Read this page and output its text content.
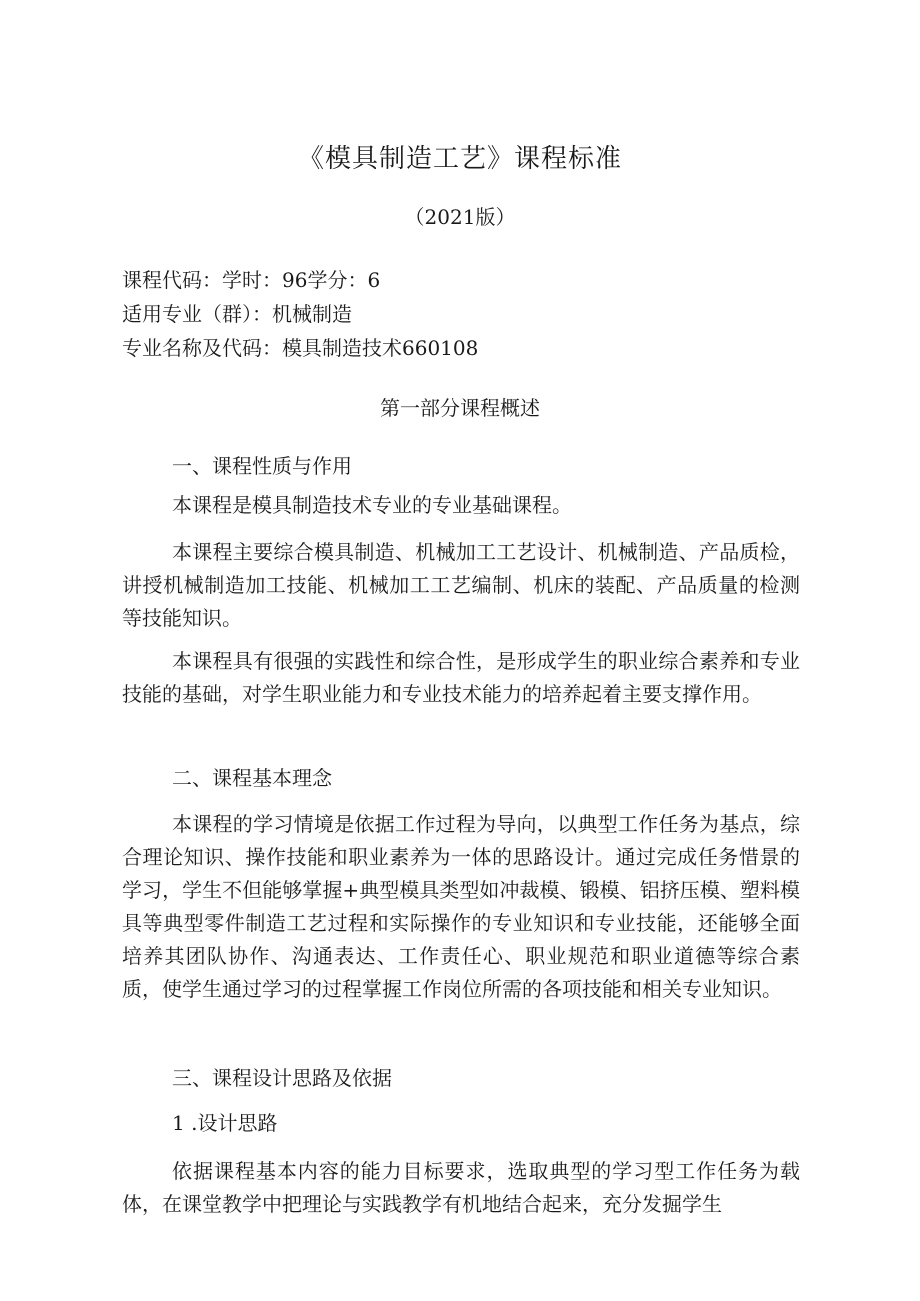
《模具制造工艺》课程标准
（2021版）
课程代码：学时：96学分：6
适用专业（群）：机械制造
专业名称及代码：模具制造技术660108
第一部分课程概述
一、课程性质与作用

本课程是模具制造技术专业的专业基础课程。

本课程主要综合模具制造、机械加工工艺设计、机械制造、产品质检，讲授机械制造加工技能、机械加工工艺编制、机床的装配、产品质量的检测等技能知识。

本课程具有很强的实践性和综合性，是形成学生的职业综合素养和专业技能的基础，对学生职业能力和专业技术能力的培养起着主要支撑作用。

二、课程基本理念

本课程的学习情境是依据工作过程为导向，以典型工作任务为基点，综合理论知识、操作技能和职业素养为一体的思路设计。通过完成任务惜景的学习，学生不但能够掌握+典型模具类型如冲裁模、锻模、铝挤压模、塑料模具等典型零件制造工艺过程和实际操作的专业知识和专业技能，还能够全面培养其团队协作、沟通表达、工作责任心、职业规范和职业道德等综合素质，使学生通过学习的过程掌握工作岗位所需的各项技能和相关专业知识。

三、课程设计思路及依据
1 .设计思路

依据课程基本内容的能力目标要求，选取典型的学习型工作任务为载体，在课堂教学中把理论与实践教学有机地结合起来，充分发掘学生
